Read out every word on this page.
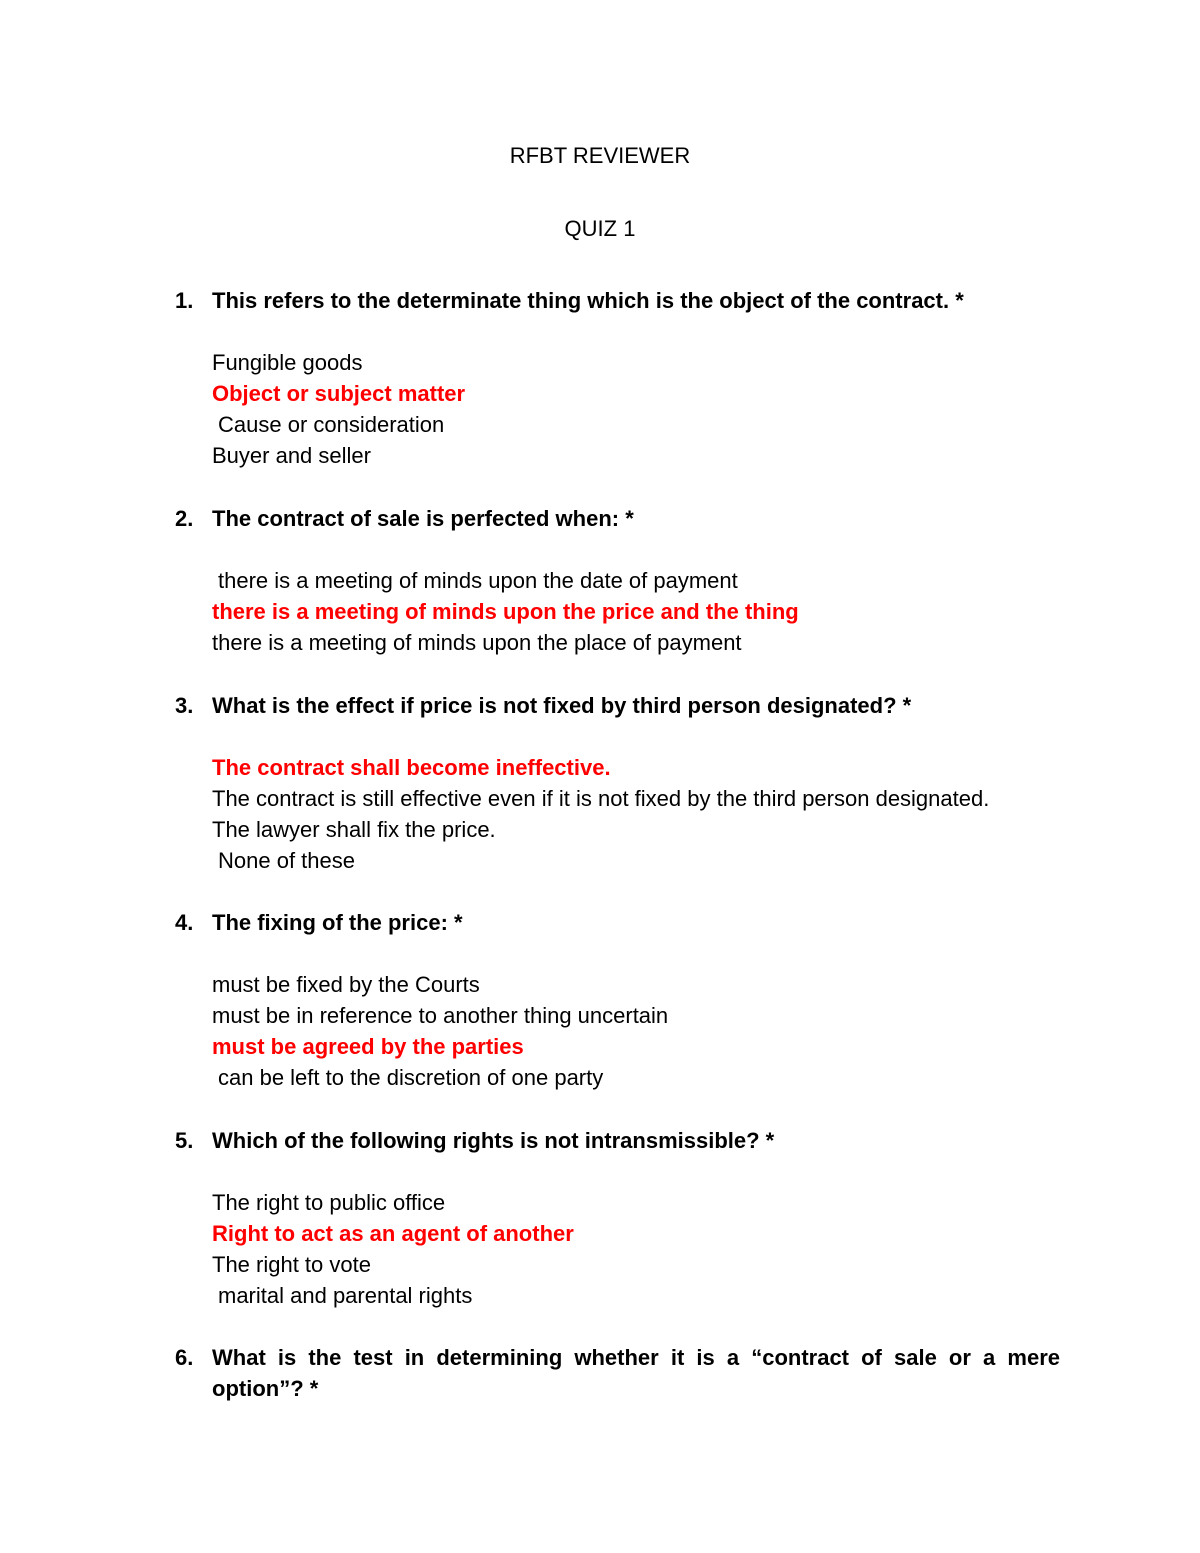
RFBT REVIEWER
QUIZ 1
1. This refers to the determinate thing which is the object of the contract. *
Fungible goods
Object or subject matter
Cause or consideration
Buyer and seller
2. The contract of sale is perfected when: *
there is a meeting of minds upon the date of payment
there is a meeting of minds upon the price and the thing
there is a meeting of minds upon the place of payment
3. What is the effect if price is not fixed by third person designated? *
The contract shall become ineffective.
The contract is still effective even if it is not fixed by the third person designated.
The lawyer shall fix the price.
None of these
4. The fixing of the price: *
must be fixed by the Courts
must be in reference to another thing uncertain
must be agreed by the parties
can be left to the discretion of one party
5. Which of the following rights is not intransmissible? *
The right to public office
Right to act as an agent of another
The right to vote
marital and parental rights
6. What is the test in determining whether it is a “contract of sale or a mere option”? *
